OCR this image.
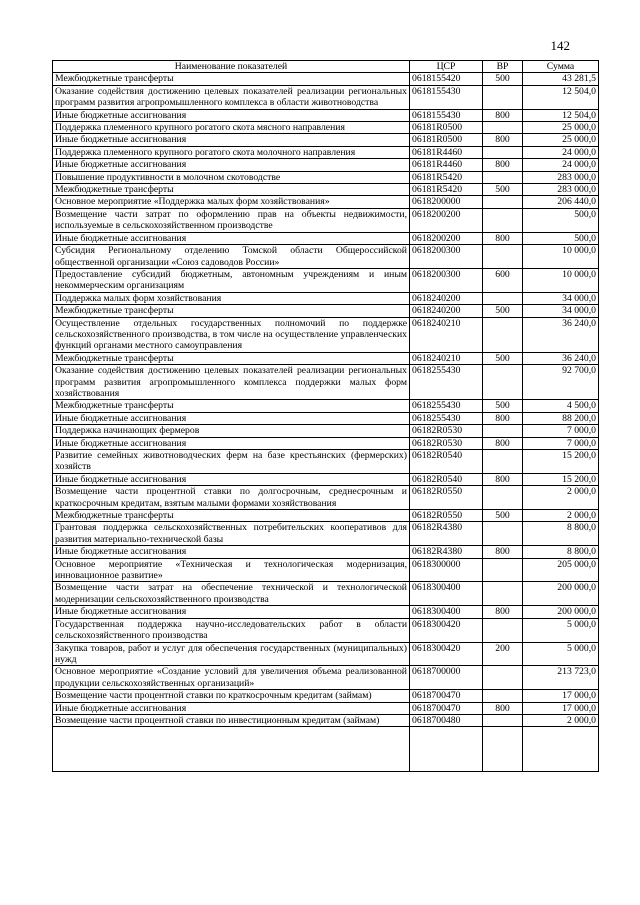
142
Наименование показателей	ЦСР	ВР	Сумма
Межбюджетные трансферты	0618155420	500	43 281,5
Оказание содействия достижению целевых показателей реализации региональных программ развития агропромышленного комплекса в области животноводства	0618155430		12 504,0
Иные бюджетные ассигнования	0618155430	800	12 504,0
Поддержка племенного крупного рогатого скота мясного направления	06181R0500		25 000,0
Иные бюджетные ассигнования	06181R0500	800	25 000,0
Поддержка племенного крупного рогатого скота молочного направления	06181R4460		24 000,0
Иные бюджетные ассигнования	06181R4460	800	24 000,0
Повышение продуктивности в молочном скотоводстве	06181R5420		283 000,0
Межбюджетные трансферты	06181R5420	500	283 000,0
Основное мероприятие «Поддержка малых форм хозяйствования»	0618200000		206 440,0
Возмещение части затрат по оформлению прав на объекты недвижимости, используемые в сельскохозяйственном производстве	0618200200		500,0
Иные бюджетные ассигнования	0618200200	800	500,0
Субсидия Региональному отделению Томской области Общероссийской общественной организации «Союз садоводов России»	0618200300		10 000,0
Предоставление субсидий бюджетным, автономным учреждениям и иным некоммерческим организациям	0618200300	600	10 000,0
Поддержка малых форм хозяйствования	0618240200		34 000,0
Межбюджетные трансферты	0618240200	500	34 000,0
Осуществление отдельных государственных полномочий по поддержке сельскохозяйственного производства, в том числе на осуществление управленческих функций органами местного самоуправления	0618240210		36 240,0
Межбюджетные трансферты	0618240210	500	36 240,0
Оказание содействия достижению целевых показателей реализации региональных программ развития агропромышленного комплекса поддержки малых форм хозяйствования	0618255430		92 700,0
Межбюджетные трансферты	0618255430	500	4 500,0
Иные бюджетные ассигнования	0618255430	800	88 200,0
Поддержка начинающих фермеров	06182R0530		7 000,0
Иные бюджетные ассигнования	06182R0530	800	7 000,0
Развитие семейных животноводческих ферм на базе крестьянских (фермерских) хозяйств	06182R0540		15 200,0
Иные бюджетные ассигнования	06182R0540	800	15 200,0
Возмещение части процентной ставки по долгосрочным, среднесрочным и краткосрочным кредитам, взятым малыми формами хозяйствования	06182R0550		2 000,0
Межбюджетные трансферты	06182R0550	500	2 000,0
Грантовая поддержка сельскохозяйственных потребительских кооперативов для развития материально-технической базы	06182R4380		8 800,0
Иные бюджетные ассигнования	06182R4380	800	8 800,0
Основное мероприятие «Техническая и технологическая модернизация, инновационное развитие»	0618300000		205 000,0
Возмещение части затрат на обеспечение технической и технологической модернизации сельскохозяйственного производства	0618300400		200 000,0
Иные бюджетные ассигнования	0618300400	800	200 000,0
Государственная поддержка научно-исследовательских работ в области сельскохозяйственного производства	0618300420		5 000,0
Закупка товаров, работ и услуг для обеспечения государственных (муниципальных) нужд	0618300420	200	5 000,0
Основное мероприятие «Создание условий для увеличения объема реализованной продукции сельскохозяйственных организаций»	0618700000		213 723,0
Возмещение части процентной ставки по краткосрочным кредитам (займам)	0618700470		17 000,0
Иные бюджетные ассигнования	0618700470	800	17 000,0
Возмещение части процентной ставки по инвестиционным кредитам (займам)	0618700480		2 000,0
